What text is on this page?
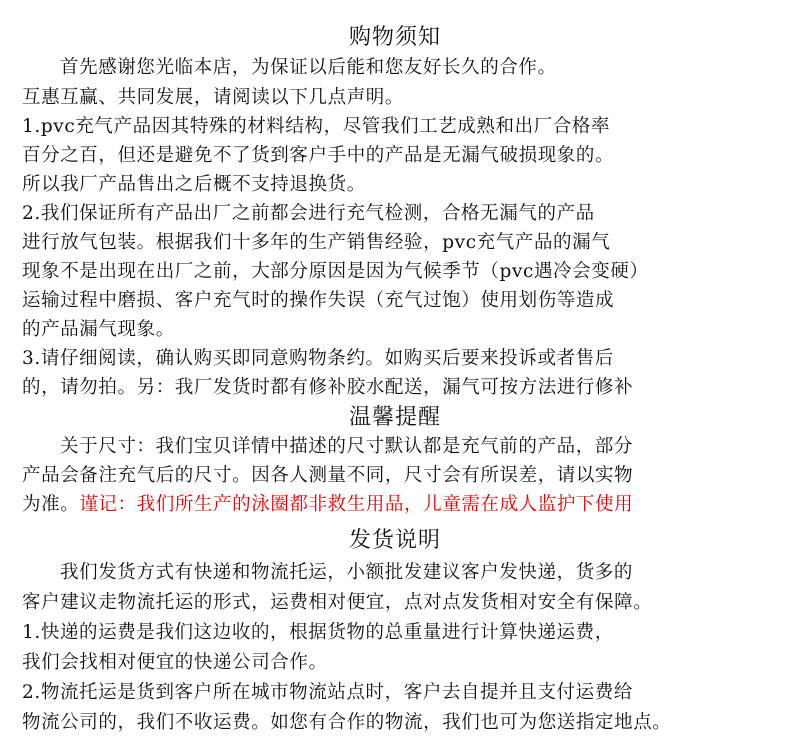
购物须知
首先感谢您光临本店，为保证以后能和您友好长久的合作。
互惠互赢、共同发展，请阅读以下几点声明。
1.pvc充气产品因其特殊的材料结构，尽管我们工艺成熟和出厂合格率
百分之百，但还是避免不了货到客户手中的产品是无漏气破损现象的。
所以我厂产品售出之后概不支持退换货。
2.我们保证所有产品出厂之前都会进行充气检测，合格无漏气的产品
进行放气包装。根据我们十多年的生产销售经验，pvc充气产品的漏气
现象不是出现在出厂之前，大部分原因是因为气候季节（pvc遇冷会变硬）
运输过程中磨损、客户充气时的操作失误（充气过饱）使用划伤等造成
的产品漏气现象。
3.请仔细阅读，确认购买即同意购物条约。如购买后要来投诉或者售后
的，请勿拍。另：我厂发货时都有修补胶水配送，漏气可按方法进行修补
温馨提醒
关于尺寸：我们宝贝详情中描述的尺寸默认都是充气前的产品，部分
产品会备注充气后的尺寸。因各人测量不同，尺寸会有所误差，请以实物
为准。谨记：我们所生产的泳圈都非救生用品，儿童需在成人监护下使用
发货说明
我们发货方式有快递和物流托运，小额批发建议客户发快递，货多的
客户建议走物流托运的形式，运费相对便宜，点对点发货相对安全有保障。
1.快递的运费是我们这边收的，根据货物的总重量进行计算快递运费，
我们会找相对便宜的快递公司合作。
2.物流托运是货到客户所在城市物流站点时，客户去自提并且支付运费给
物流公司的，我们不收运费。如您有合作的物流，我们也可为您送指定地点。
